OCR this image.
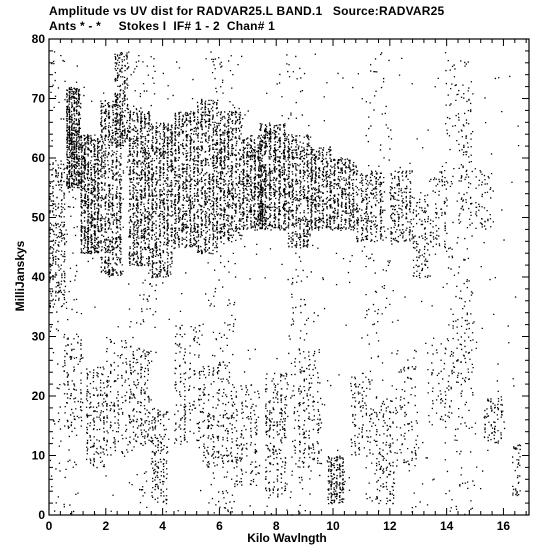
Amplitude vs UV dist for RADVAR25.L BAND.1   Source:RADVAR25
Ants * - *     Stokes I  IF# 1 - 2  Chan# 1
0	2	4	6	8	10	12	14	16
0
10
20
30
40
50
60
70
80
Kilo Wavlngth
MilliJanskys
